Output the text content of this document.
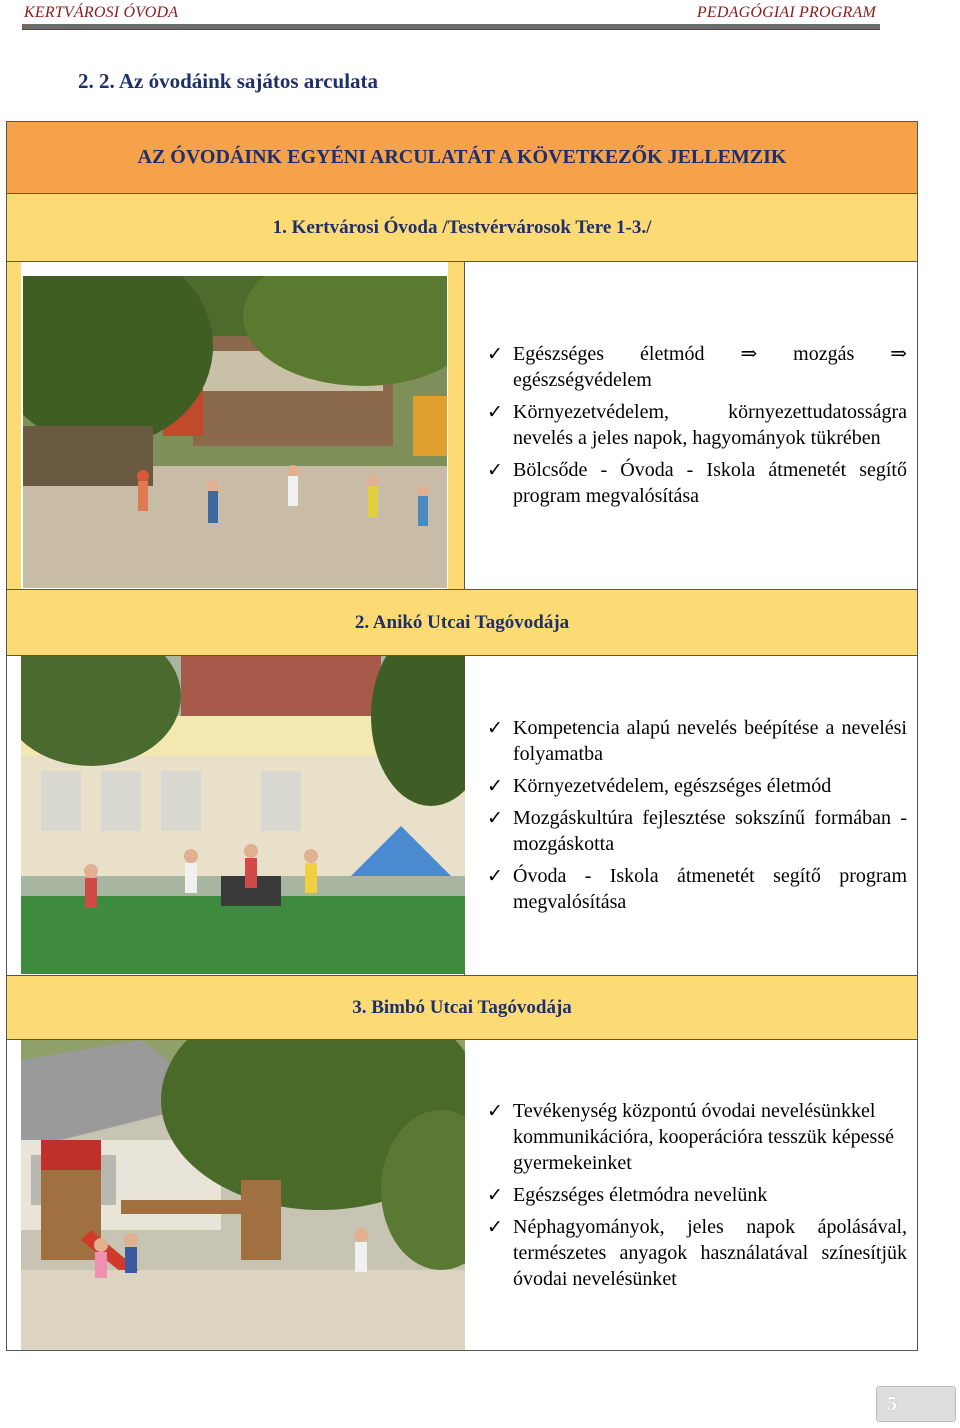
KERTVÁROSI ÓVODA	PEDAGÓGIAI PROGRAM
2. 2. Az óvodáink sajátos arculata
AZ ÓVODÁINK EGYÉNI ARCULATÁT A KÖVETKEZŐK JELLEMZIK
1. Kertvárosi Óvoda /Testvérvárosok Tere 1-3./
✓ Egészséges életmód ⇒ mozgás ⇒ egészségvédelem
✓ Környezetvédelem, környezettudatosságra nevelés a jeles napok, hagyományok tükrében
✓ Bölcsőde - Óvoda - Iskola átmenetét segítő program megvalósítása
2. Anikó Utcai Tagóvodája
✓ Kompetencia alapú nevelés beépítése a nevelési folyamatba
✓ Környezetvédelem, egészséges életmód
✓ Mozgáskultúra fejlesztése sokszínű formában - mozgáskotta
✓ Óvoda - Iskola átmenetét segítő program megvalósítása
3. Bimbó Utcai Tagóvodája
✓ Tevékenység központú óvodai nevelésünkkel kommunikációra, kooperációra tesszük képessé gyermekeinket
✓ Egészséges életmódra nevelünk
✓ Néphagyományok, jeles napok ápolásával, természetes anyagok használatával színesítjük óvodai nevelésünket
5
